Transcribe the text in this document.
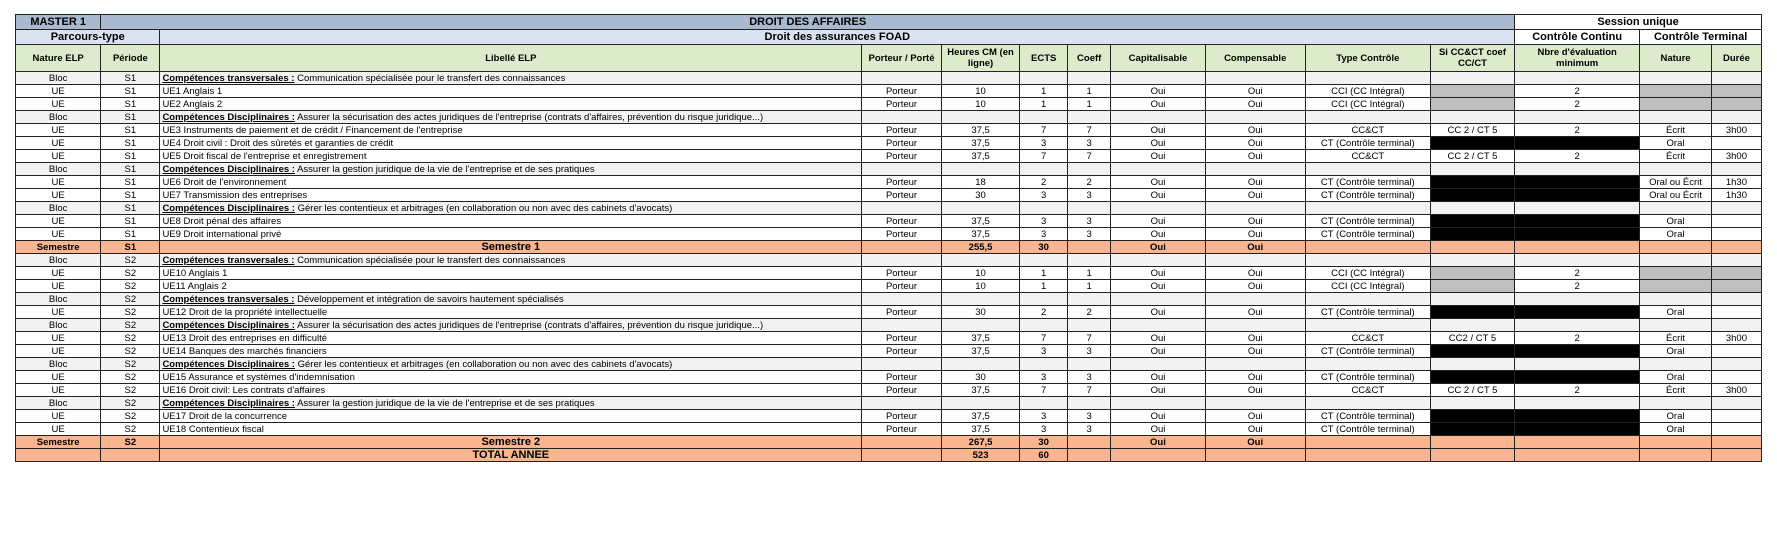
MASTER 1	DROIT DES AFFAIRES										Session unique		
Parcours-type		Droit des assurances FOAD									Contrôle Continu	Contrôle Terminal	
Nature ELP	Période	Libellé ELP	Porteur / Porté	Heures CM (en ligne)	ECTS	Coeff	Capitalisable	Compensable	Type Contrôle	Si CC&CT coef CC/CT	Nbre d'évaluation minimum	Nature	Durée
Bloc	S1	Compétences transversales : Communication spécialisée pour le transfert des connaissances											
UE	S1	UE1 Anglais 1	Porteur	10	1	1	Oui	Oui	CCI (CC Intégral)		2		
UE	S1	UE2 Anglais 2	Porteur	10	1	1	Oui	Oui	CCI (CC Intégral)		2		
Bloc	S1	Compétences Disciplinaires : Assurer la sécurisation des actes juridiques de l'entreprise (contrats d'affaires, prévention du risque juridique...)											
UE	S1	UE3 Instruments de paiement et de crédit / Financement de l'entreprise	Porteur	37,5	7	7	Oui	Oui	CC&CT	CC 2 / CT 5	2	Écrit	3h00
UE	S1	UE4 Droit civil : Droit des sûretés et garanties de crédit	Porteur	37,5	3	3	Oui	Oui	CT (Contrôle terminal)			Oral	
UE	S1	UE5 Droit fiscal de l'entreprise et enregistrement	Porteur	37,5	7	7	Oui	Oui	CC&CT	CC 2 / CT 5	2	Écrit	3h00
Bloc	S1	Compétences Disciplinaires : Assurer la gestion juridique de la vie de l'entreprise et de ses pratiques											
UE	S1	UE6 Droit de l'environnement	Porteur	18	2	2	Oui	Oui	CT (Contrôle terminal)			Oral ou Écrit	1h30
UE	S1	UE7 Transmission des entreprises	Porteur	30	3	3	Oui	Oui	CT (Contrôle terminal)			Oral ou Écrit	1h30
Bloc	S1	Compétences Disciplinaires : Gérer les contentieux et arbitrages (en collaboration ou non avec des cabinets d'avocats)											
UE	S1	UE8 Droit pénal des affaires	Porteur	37,5	3	3	Oui	Oui	CT (Contrôle terminal)			Oral	
UE	S1	UE9 Droit international privé	Porteur	37,5	3	3	Oui	Oui	CT (Contrôle terminal)			Oral	
Semestre	S1	Semestre 1		255,5	30		Oui	Oui					
Bloc	S2	Compétences transversales : Communication spécialisée pour le transfert des connaissances											
UE	S2	UE10 Anglais 1	Porteur	10	1	1	Oui	Oui	CCI (CC Intégral)		2		
UE	S2	UE11 Anglais 2	Porteur	10	1	1	Oui	Oui	CCI (CC Intégral)		2		
Bloc	S2	Compétences transversales : Développement et intégration de savoirs hautement spécialisés											
UE	S2	UE12 Droit de la propriété intellectuelle	Porteur	30	2	2	Oui	Oui	CT (Contrôle terminal)			Oral	
Bloc	S2	Compétences Disciplinaires : Assurer la sécurisation des actes juridiques de l'entreprise (contrats d'affaires, prévention du risque juridique...)											
UE	S2	UE13 Droit des entreprises en difficulté	Porteur	37,5	7	7	Oui	Oui	CC&CT	CC2 / CT 5	2	Écrit	3h00
UE	S2	UE14 Banques des marchés financiers	Porteur	37,5	3	3	Oui	Oui	CT (Contrôle terminal)			Oral	
Bloc	S2	Compétences Disciplinaires : Gérer les contentieux et arbitrages (en collaboration ou non avec des cabinets d'avocats)											
UE	S2	UE15 Assurance et systèmes d'indemnisation	Porteur	30	3	3	Oui	Oui	CT (Contrôle terminal)			Oral	
UE	S2	UE16 Droit civil: Les contrats d'affaires	Porteur	37,5	7	7	Oui	Oui	CC&CT	CC 2 / CT 5	2	Écrit	3h00
Bloc	S2	Compétences Disciplinaires : Assurer la gestion juridique de la vie de l'entreprise et de ses pratiques											
UE	S2	UE17 Droit de la concurrence	Porteur	37,5	3	3	Oui	Oui	CT (Contrôle terminal)			Oral	
UE	S2	UE18 Contentieux fiscal	Porteur	37,5	3	3	Oui	Oui	CT (Contrôle terminal)			Oral	
Semestre	S2	Semestre 2		267,5	30		Oui	Oui					
		TOTAL ANNEE		523	60								
